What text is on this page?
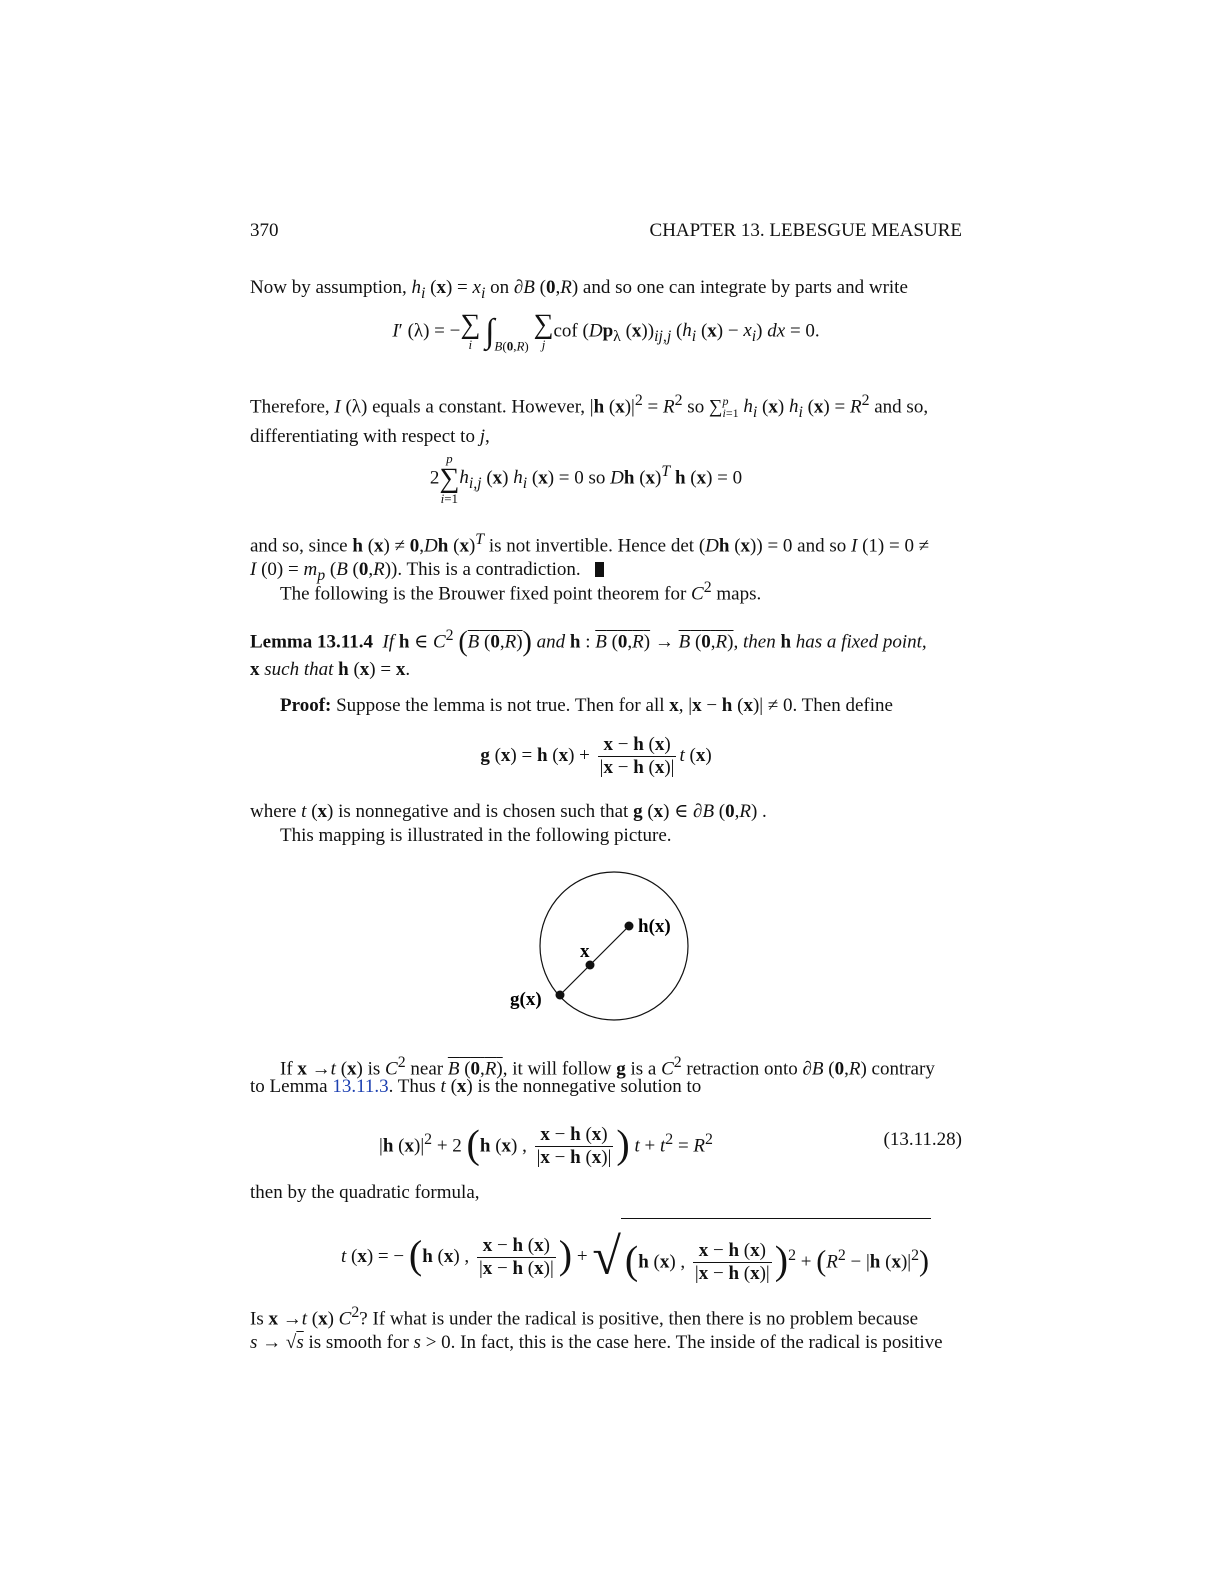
370	CHAPTER 13. LEBESGUE MEASURE
Now by assumption, $h_i$ $(x) = x_i$ on ∂B (0,R) and so one can integrate by parts and write
I′ (λ) = − ∑
i $\int_{B(0,R)}$
∑
j
cof ($Dp_\lambda$ $(x))_{ij,j}$ ($h_i$ $(x) - x_i$) dx = 0.
Therefore, I (λ) equals a constant. However, |h $(x)|^2 = R^2$ so ∑$^p_{i=1}$ $h_i$ (x) $h_i$ $(x) = R^2$ and so,
differentiating with respect to j,
2
p
∑
i=1
$h_{i,j}$ (x) $h_i$ (x) = 0 so Dh $(x)^T$ h (x) = 0
and so, since h (x) ≠ 0,Dh $(x)^T$ is not invertible. Hence det (Dh (x)) = 0 and so I (1) = 0 ≠
I $(0) = m_p$ (B (0,R)). This is a contradiction.
The following is the Brouwer fixed point theorem for $C^2$ maps.
Lemma 13.11.4 If h ∈ $C^2$ (B (0,R)) and h : B (0,R) → B (0,R), then h has a fixed point,
x such that h (x) = x.
Proof: Suppose the lemma is not true. Then for all x, |x − h (x)| ≠ 0. Then define
g (x) = h $(x) + \frac{x - h (x)}{|x - h (x)|}$ t (x)
where t (x) is nonnegative and is chosen such that g (x) ∈ ∂B (0,R) .
This mapping is illustrated in the following picture.
h(x)
x
g(x)
If x →t (x) is $C^2$ near B (0,R), it will follow g is a $C^2$ retraction onto ∂B (0,R) contrary
to Lemma 13.11.3. Thus t (x) is the nonnegative solution to
|h $(x)|^2 + 2$ (h (x) , $\frac{x - h (x)}{|x - h (x)|}$ ) $t + t^2 = R^2$	(13.11.28)
then by the quadratic formula,
t (x) = − (h (x) , $\frac{x - h (x)}{|x - h (x)|}$ ) + √ (h (x) , $\frac{x - h (x)}{|x - h (x)|} )^2 + (R^2 - |h$ $(x)|^2$)
Is x →t (x) $C^2$? If what is under the radical is positive, then there is no problem because
s → √s is smooth for s > 0. In fact, this is the case here. The inside of the radical is positive
